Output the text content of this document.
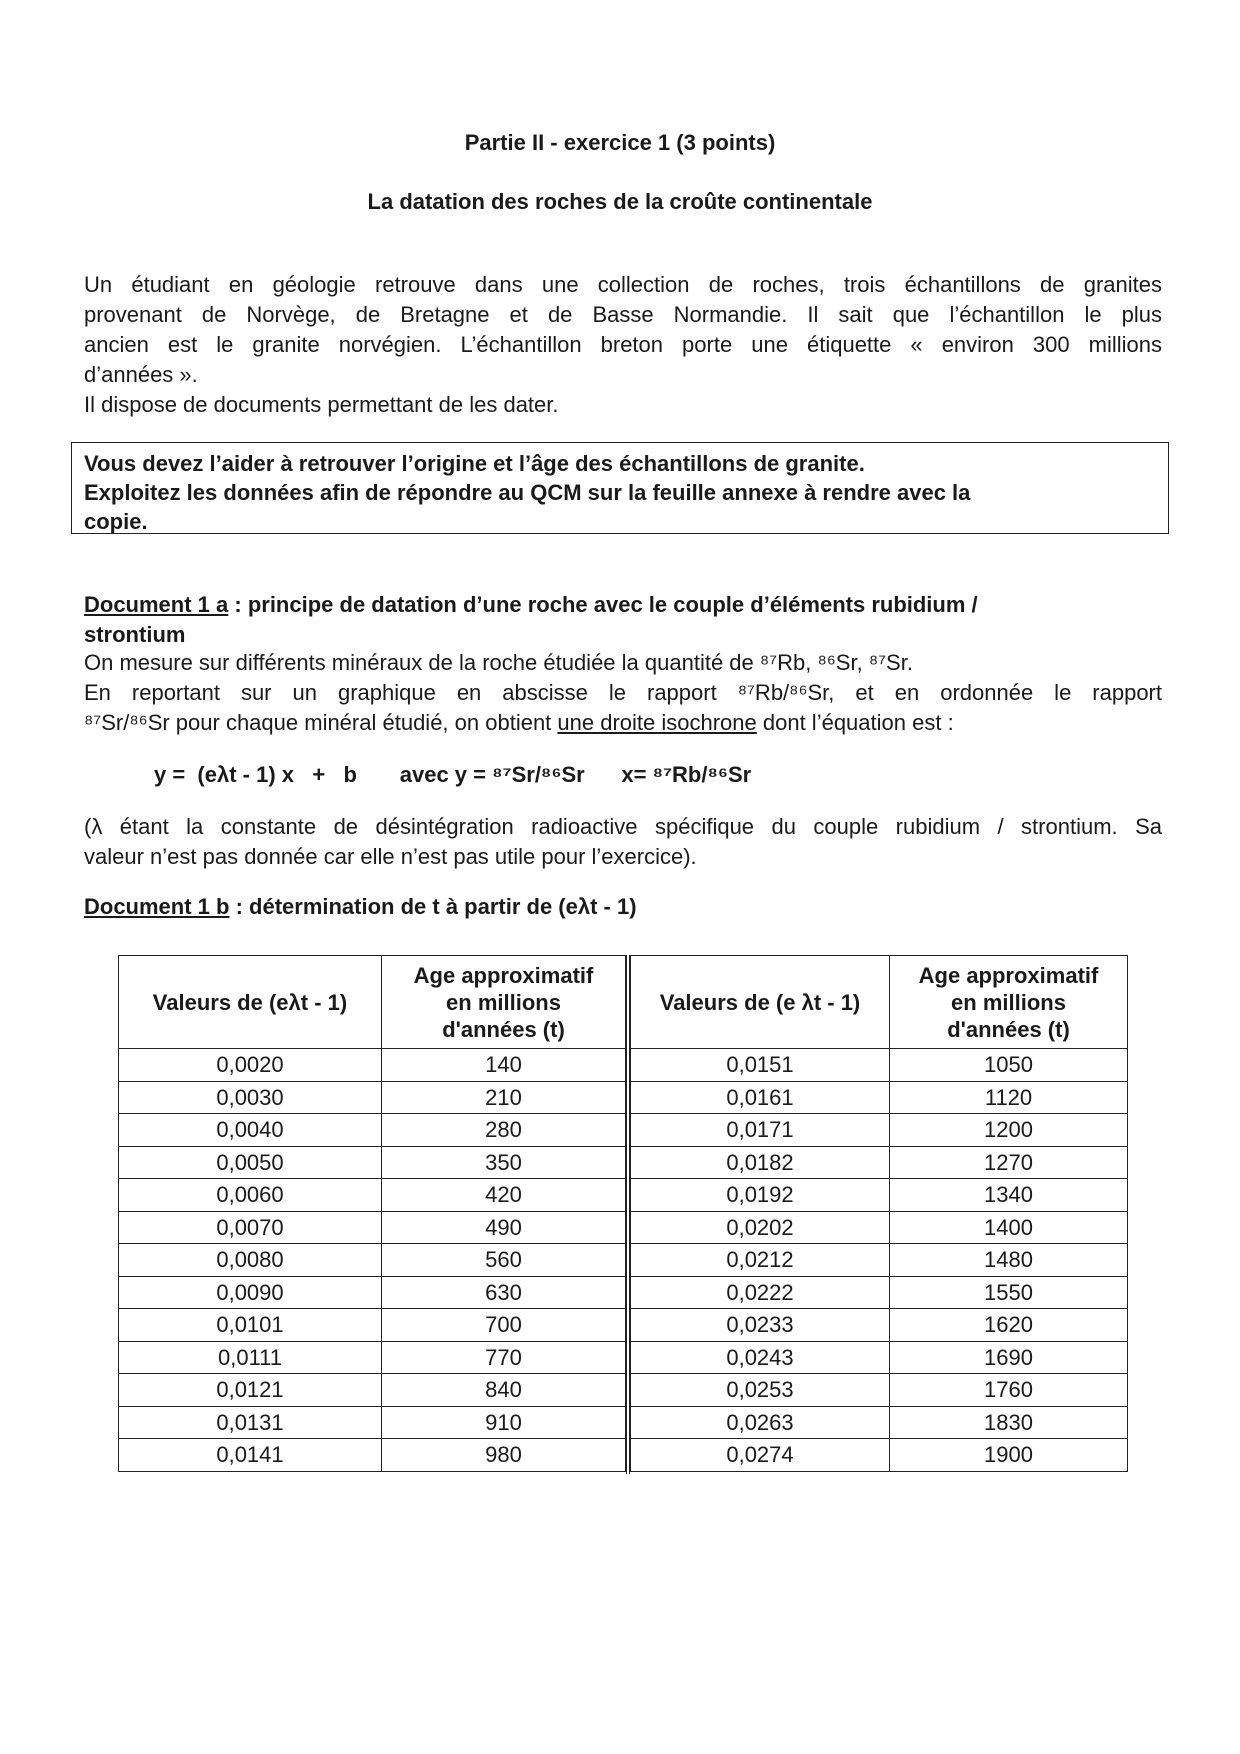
Partie II - exercice 1 (3 points)
La datation des roches de la croûte continentale
Un étudiant en géologie retrouve dans une collection de roches, trois échantillons de granites
provenant de Norvège, de Bretagne et de Basse Normandie. Il sait que l’échantillon le plus
ancien est le granite norvégien. L’échantillon breton porte une étiquette « environ 300 millions
d’années ».
Il dispose de documents permettant de les dater.
Vous devez l’aider à retrouver l’origine et l’âge des échantillons de granite.
Exploitez les données afin de répondre au QCM sur la feuille annexe à rendre avec la
copie.
Document 1 a : principe de datation d’une roche avec le couple d’éléments rubidium /
strontium
On mesure sur différents minéraux de la roche étudiée la quantité de ⁸⁷Rb, ⁸⁶Sr, ⁸⁷Sr.
En reportant sur un graphique en abscisse le rapport ⁸⁷Rb/⁸⁶Sr, et en ordonnée le rapport
⁸⁷Sr/⁸⁶Sr pour chaque minéral étudié, on obtient une droite isochrone dont l’équation est :
y =  (eλt - 1) x   +   b       avec y = ⁸⁷Sr/⁸⁶Sr      x= ⁸⁷Rb/⁸⁶Sr
(λ étant la constante de désintégration radioactive spécifique du couple rubidium / strontium. Sa
valeur n’est pas donnée car elle n’est pas utile pour l’exercice).
Document 1 b : détermination de t à partir de (eλt - 1)
Valeurs de (eλt - 1)	Age approximatif
en millions
d'années (t)

0,0020	140
0,0030	210
0,0040	280
0,0050	350
0,0060	420
0,0070	490
0,0080	560
0,0090	630
0,0101	700
0,0111	770
0,0121	840
0,0131	910
0,0141	980
Valeurs de (e λt - 1)	Age approximatif
en millions
d'années (t)

0,0151	1050
0,0161	1120
0,0171	1200
0,0182	1270
0,0192	1340
0,0202	1400
0,0212	1480
0,0222	1550
0,0233	1620
0,0243	1690
0,0253	1760
0,0263	1830
0,0274	1900
